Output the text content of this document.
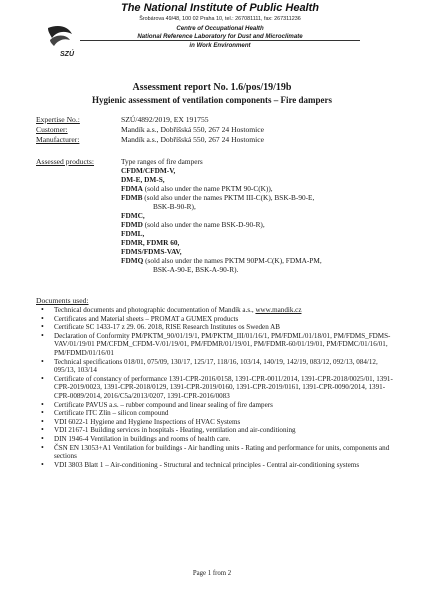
SZÚ
The National Institute of Public Health
Šrobárova 49/48, 100 02 Praha 10, tel.: 267081111, fax: 267311236
Centre of Occupational Health
National Reference Laboratory for Dust and Microclimate
in Work Environment
Assessment report No. 1.6/pos/19/19b
Hygienic assessment of ventilation components – Fire dampers
Expertise No.:	SZÚ/4892/2019, EX 191755
Customer:	Mandík a.s., Dobříšská 550, 267 24 Hostomice
Manufacturer:	Mandík a.s., Dobříšská 550, 267 24 Hostomice
Assessed products:	Type ranges of fire dampers
CFDM/CFDM-V,
DM-E, DM-S,
FDMA (sold also under the name PKTM 90-C(K)),
FDMB (sold also under the names PKTM III-C(K), BSK-B-90-E,
BSK-B-90-R),
FDMC,
FDMD (sold also under the name BSK-D-90-R),
FDML,
FDMR, FDMR 60,
FDMS/FDMS-VAV,
FDMQ (sold also under the names PKTM 90PM-C(K), FDMA-PM,
BSK-A-90-E, BSK-A-90-R).
Documents used:
• Technical documents and photographic documentation of Mandík a.s., www.mandik.cz
• Certificates and Material sheets – PROMAT a GUMEX products
• Certificate SC 1433-17 z 29. 06. 2018, RISE Research Institutes os Sweden AB
• Declaration of Conformity PM/PKTM_90/01/19/1, PM/PKTM_III/01/16/1, PM/FDML/01/18/01, PM/FDMS_FDMS-VAV/01/19/01 PM/CFDM_CFDM-V/01/19/01, PM/FDMR/01/19/01, PM/FDMR-60/01/19/01, PM/FDMC/01/16/01, PM/FDMD/01/16/01
• Technical specifications 018/01, 075/09, 130/17, 125/17, 118/16, 103/14, 140/19, 142/19, 083/12, 092/13, 084/12, 095/13, 103/14
• Certificate of constancy of performance 1391-CPR-2016/0158, 1391-CPR-0011/2014, 1391-CPR-2018/0025/01, 1391-CPR-2019/0023, 1391-CPR-2018/0129, 1391-CPR-2019/0160, 1391-CPR-2019/0161, 1391-CPR-0090/2014, 1391-CPR-0089/2014, 2016/C5a/2013/0207, 1391-CPR-2016/0083
• Certificate PAVUS a.s. – rubber compound and linear sealing of fire dampers
• Certificate ITC Zlín – silicon compound
• VDI 6022-1 Hygiene and Hygiene Inspections of HVAC Systems
• VDI 2167-1 Building services in hospitals - Heating, ventilation and air-conditioning
• DIN 1946-4 Ventilation in buildings and rooms of health care.
• ČSN EN 13053+A1 Ventilation for buildings - Air handling units - Rating and performance for units, components and sections
• VDI 3803 Blatt 1 – Air-conditioning - Structural and technical principles - Central air-conditioning systems
Page 1 from 2
